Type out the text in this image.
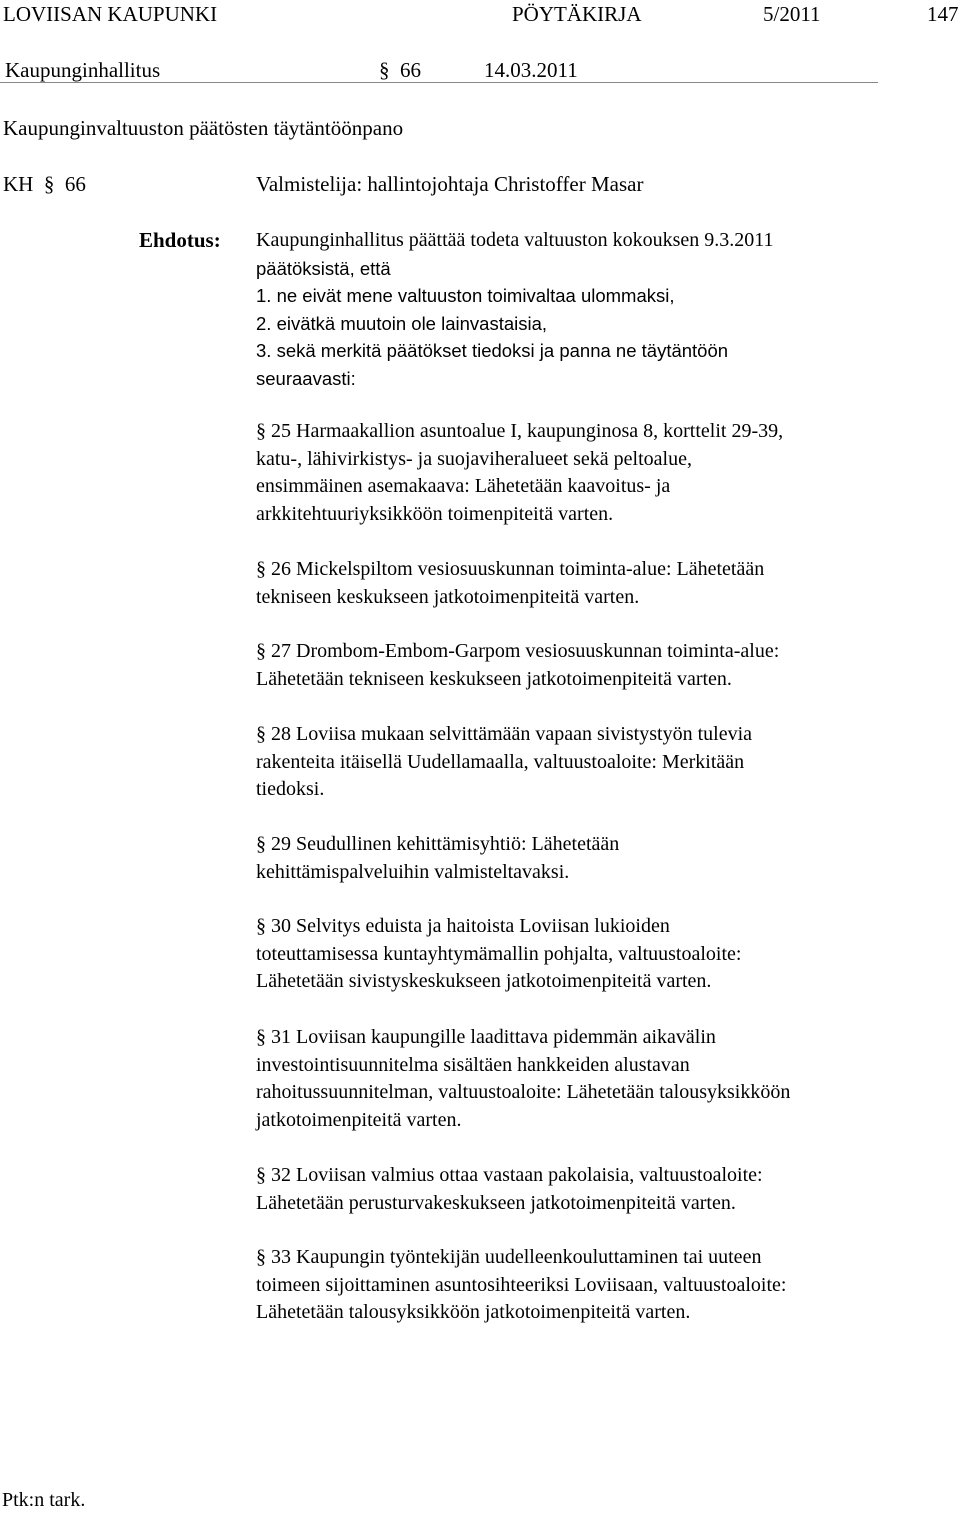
LOVIISAN KAUPUNKI	PÖYTÄKIRJA	5/2011	147
Kaupunginhallitus	§ 66	14.03.2011
Kaupunginvaltuuston päätösten täytäntöönpano
KH § 66	Valmistelija: hallintojohtaja Christoffer Masar
Ehdotus: Kaupunginhallitus päättää todeta valtuuston kokouksen 9.3.2011
päätöksistä, että
1. ne eivät mene valtuuston toimivaltaa ulommaksi,
2. eivätkä muutoin ole lainvastaisia,
3. sekä merkitä päätökset tiedoksi ja panna ne täytäntöön
seuraavasti:
§ 25 Harmaakallion asuntoalue I, kaupunginosa 8, korttelit 29-39,
katu-, lähivirkistys- ja suojaviheralueet sekä peltoalue,
ensimmäinen asemakaava: Lähetetään kaavoitus- ja
arkkitehtuuriyksikköön toimenpiteitä varten.
§ 26 Mickelspiltom vesiosuuskunnan toiminta-alue: Lähetetään
tekniseen keskukseen jatkotoimenpiteitä varten.
§ 27 Drombom-Embom-Garpom vesiosuuskunnan toiminta-alue:
Lähetetään tekniseen keskukseen jatkotoimenpiteitä varten.
§ 28 Loviisa mukaan selvittämään vapaan sivistystyön tulevia
rakenteita itäisellä Uudellamaalla, valtuustoaloite: Merkitään
tiedoksi.
§ 29 Seudullinen kehittämisyhtiö: Lähetetään
kehittämispalveluihin valmisteltavaksi.
§ 30 Selvitys eduista ja haitoista Loviisan lukioiden
toteuttamisessa kuntayhtymämallin pohjalta, valtuustoaloite:
Lähetetään sivistyskeskukseen jatkotoimenpiteitä varten.
§ 31 Loviisan kaupungille laadittava pidemmän aikavälin
investointisuunnitelma sisältäen hankkeiden alustavan
rahoitussuunnitelman, valtuustoaloite: Lähetetään talousyksikköön
jatkotoimenpiteitä varten.
§ 32 Loviisan valmius ottaa vastaan pakolaisia, valtuustoaloite:
Lähetetään perusturvakeskukseen jatkotoimenpiteitä varten.
§ 33 Kaupungin työntekijän uudelleenkouluttaminen tai uuteen
toimeen sijoittaminen asuntosihteeriksi Loviisaan, valtuustoaloite:
Lähetetään talousyksikköön jatkotoimenpiteitä varten.
Ptk:n tark.
